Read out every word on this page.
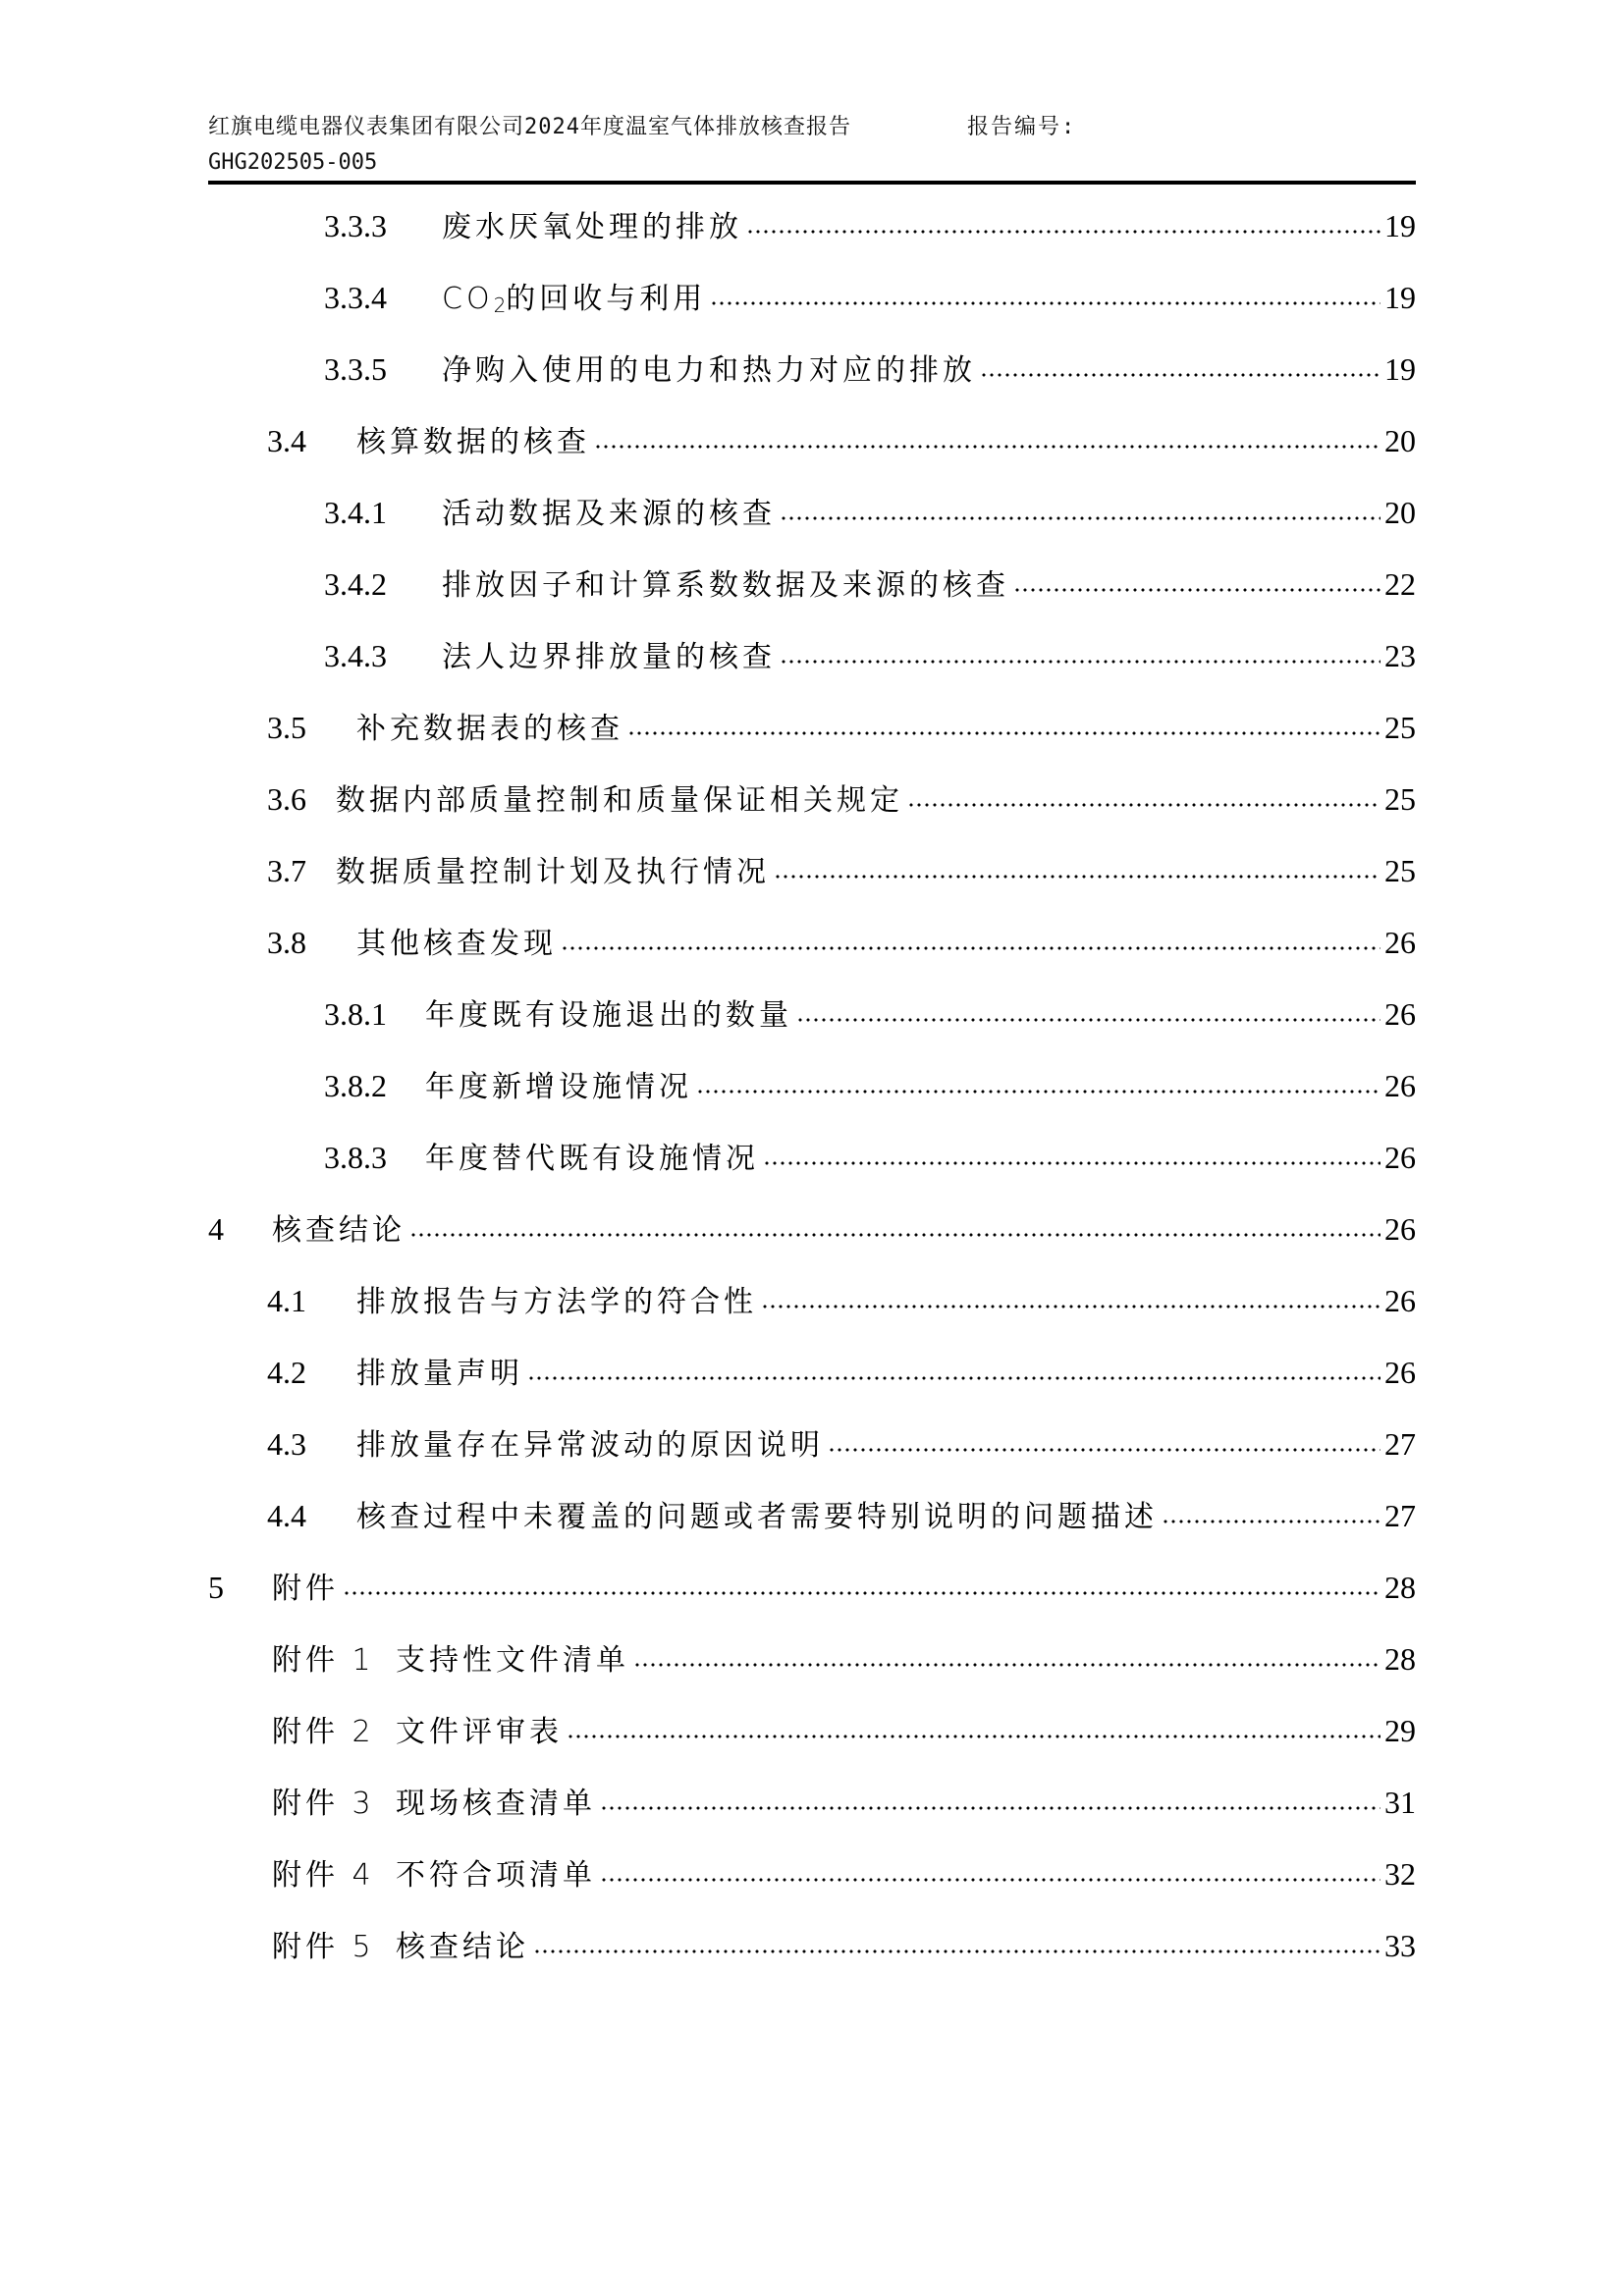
红旗电缆电器仪表集团有限公司2024年度温室气体排放核查报告	报告编号:
GHG202505-005
3.3.3	废水厌氧处理的排放	19
3.3.4	$CO_2$的回收与利用	19
3.3.5	净购入使用的电力和热力对应的排放	19
3.4	核算数据的核查	20
3.4.1	活动数据及来源的核查	20
3.4.2	排放因子和计算系数数据及来源的核查	22
3.4.3	法人边界排放量的核查	23
3.5	补充数据表的核查	25
3.6	数据内部质量控制和质量保证相关规定	25
3.7	数据质量控制计划及执行情况	25
3.8	其他核查发现	26
3.8.1	年度既有设施退出的数量	26
3.8.2	年度新增设施情况	26
3.8.3	年度替代既有设施情况	26
4	核查结论	26
4.1	排放报告与方法学的符合性	26
4.2	排放量声明	26
4.3	排放量存在异常波动的原因说明	27
4.4	核查过程中未覆盖的问题或者需要特别说明的问题描述	27
5	附件	28
附件 1 支持性文件清单	28
附件 2 文件评审表	29
附件 3 现场核查清单	31
附件 4 不符合项清单	32
附件 5 核查结论	33
